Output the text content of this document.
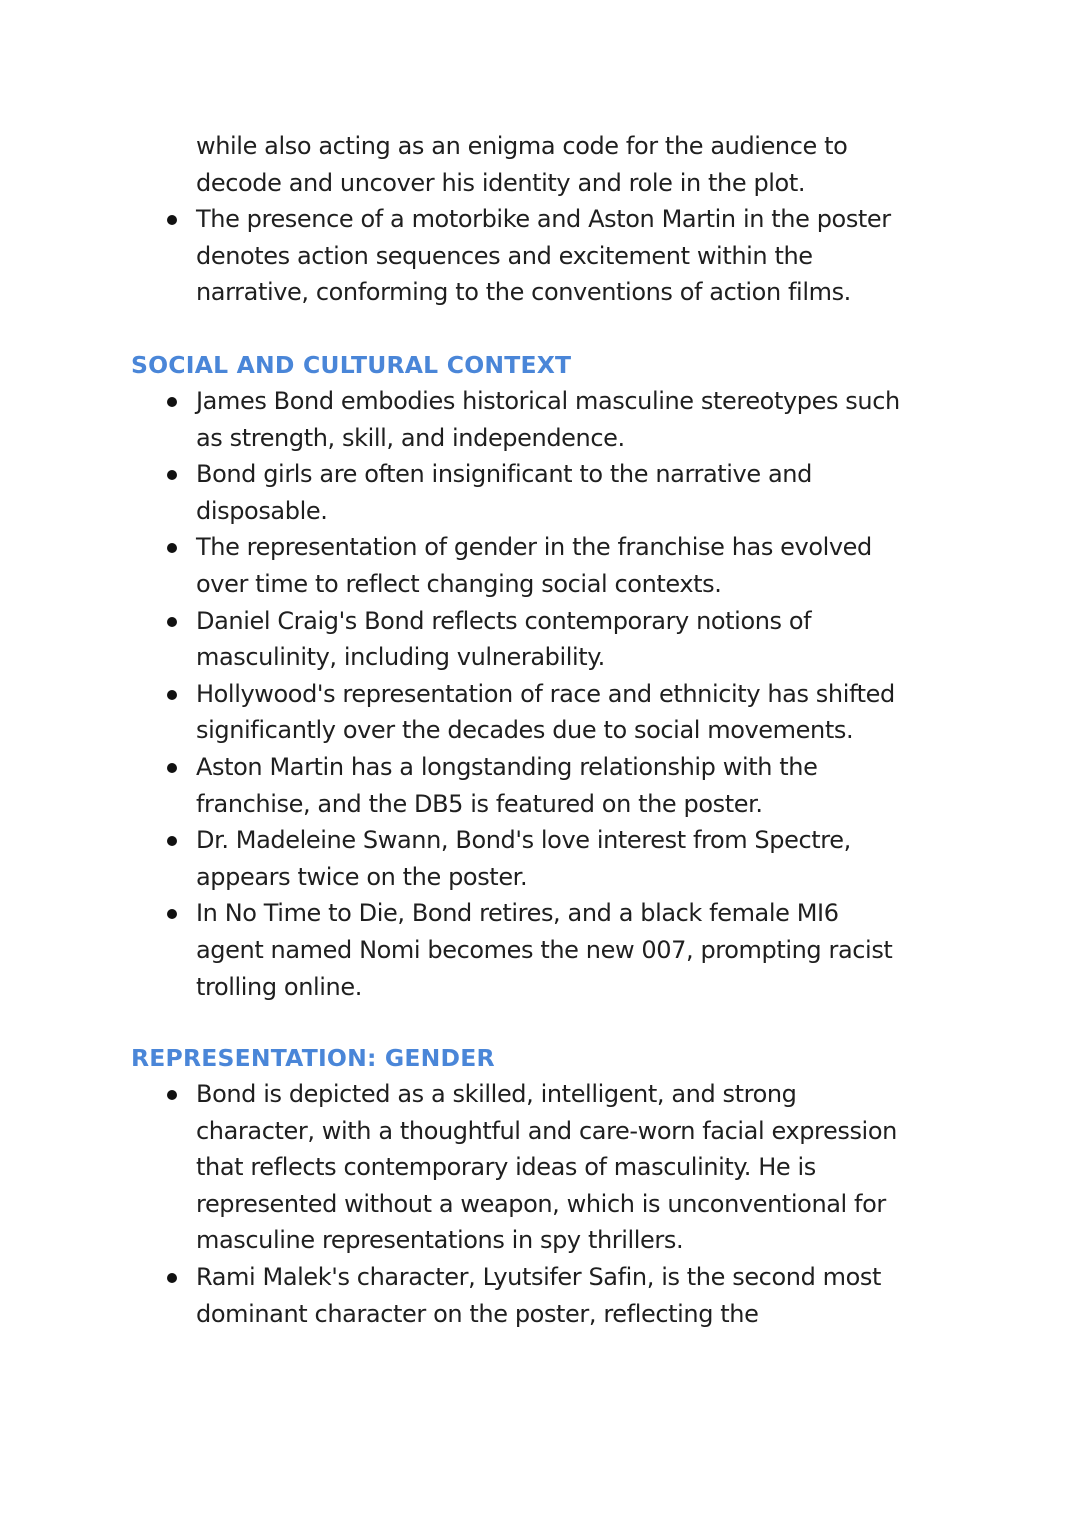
while also acting as an enigma code for the audience to
decode and uncover his identity and role in the plot.
The presence of a motorbike and Aston Martin in the poster
denotes action sequences and excitement within the
narrative, conforming to the conventions of action films.
SOCIAL AND CULTURAL CONTEXT
James Bond embodies historical masculine stereotypes such
as strength, skill, and independence.
Bond girls are often insignificant to the narrative and
disposable.
The representation of gender in the franchise has evolved
over time to reflect changing social contexts.
Daniel Craig's Bond reflects contemporary notions of
masculinity, including vulnerability.
Hollywood's representation of race and ethnicity has shifted
significantly over the decades due to social movements.
Aston Martin has a longstanding relationship with the
franchise, and the DB5 is featured on the poster.
Dr. Madeleine Swann, Bond's love interest from Spectre,
appears twice on the poster.
In No Time to Die, Bond retires, and a black female MI6
agent named Nomi becomes the new 007, prompting racist
trolling online.
REPRESENTATION: GENDER
Bond is depicted as a skilled, intelligent, and strong
character, with a thoughtful and care-worn facial expression
that reflects contemporary ideas of masculinity. He is
represented without a weapon, which is unconventional for
masculine representations in spy thrillers.
Rami Malek's character, Lyutsifer Safin, is the second most
dominant character on the poster, reflecting the
